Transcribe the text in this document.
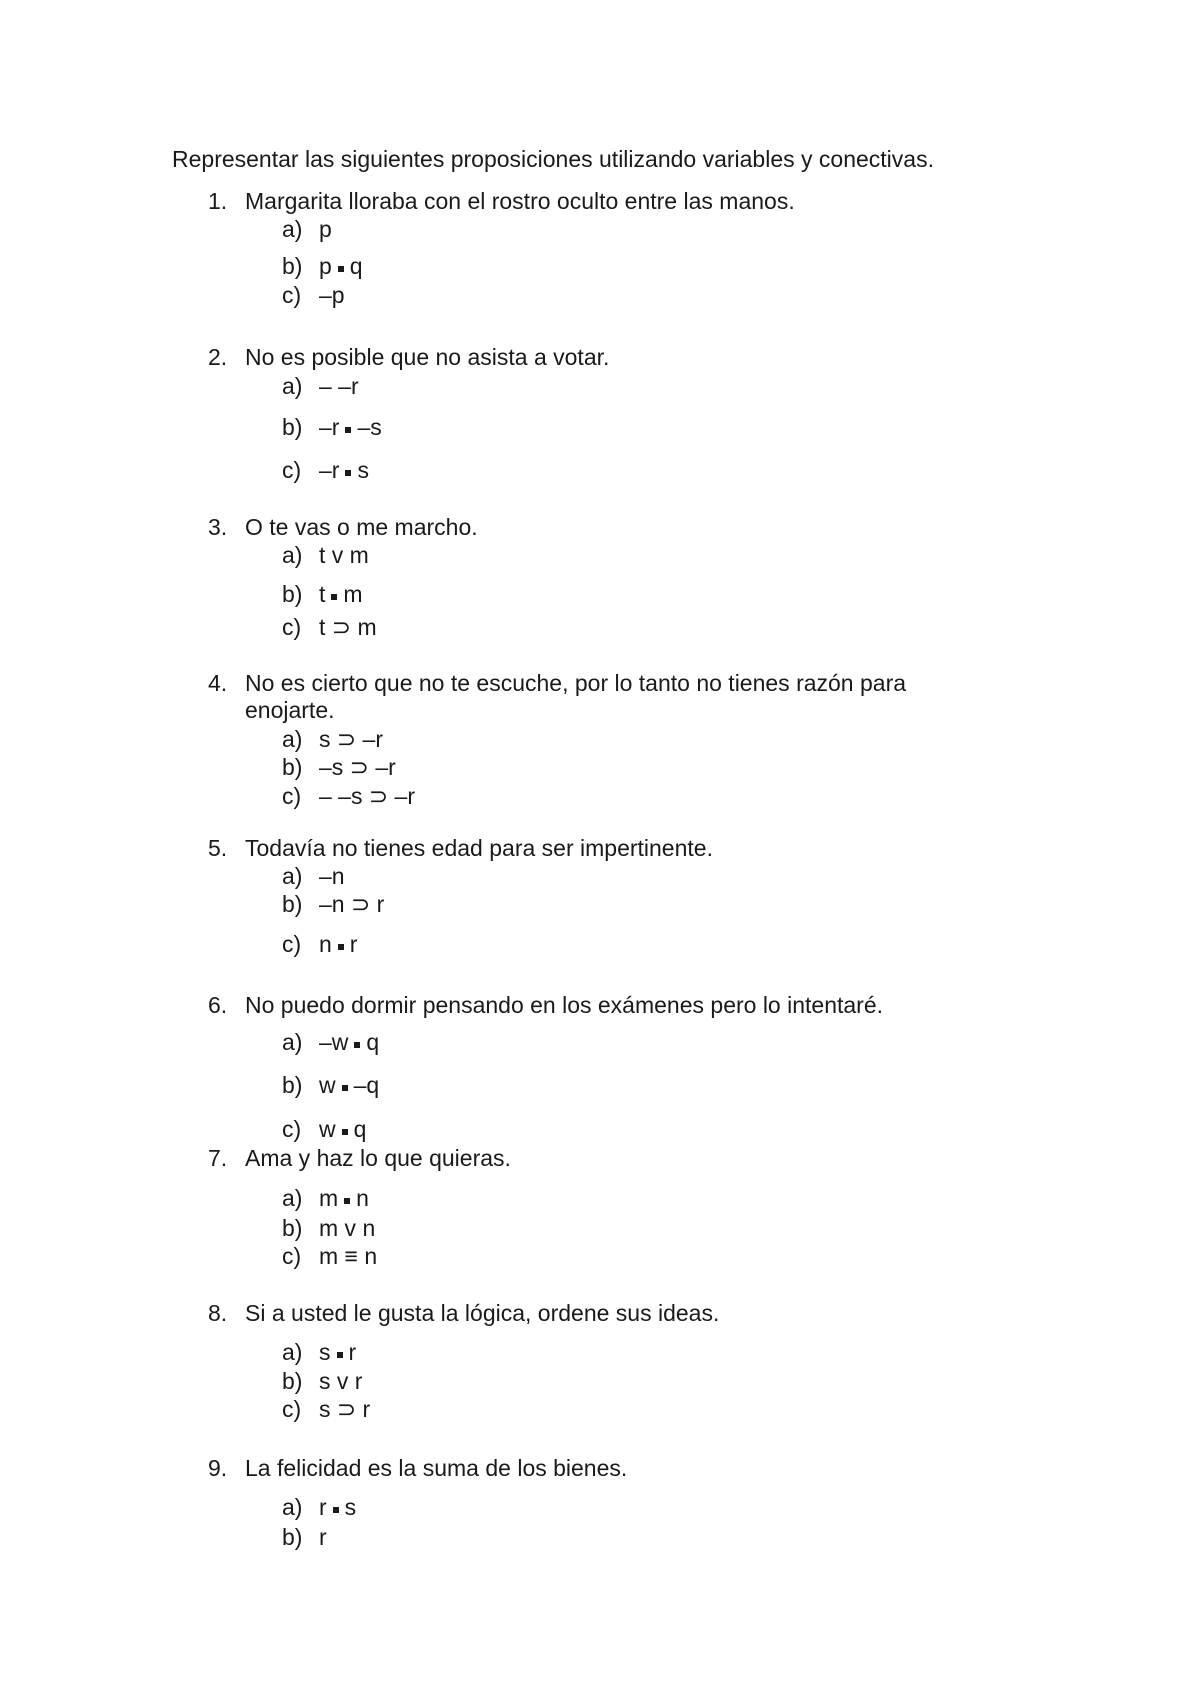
Representar las siguientes proposiciones utilizando variables y conectivas.
1. Margarita lloraba con el rostro oculto entre las manos.
a) p
b) p q
c) –p
2. No es posible que no asista a votar.
a) – –r
b) –r –s
c) –r s
3. O te vas o me marcho.
a) t v m
b) t m
c) t ⊃ m
4. No es cierto que no te escuche, por lo tanto no tienes razón para enojarte.
a) s ⊃ –r
b) –s ⊃ –r
c) – –s ⊃ –r
5. Todavía no tienes edad para ser impertinente.
a) –n
b) –n ⊃ r
c) n r
6. No puedo dormir pensando en los exámenes pero lo intentaré.
a) –w q
b) w –q
c) w q
7. Ama y haz lo que quieras.
a) m n
b) m v n
c) m ≡ n
8. Si a usted le gusta la lógica, ordene sus ideas.
a) s r
b) s v r
c) s ⊃ r
9. La felicidad es la suma de los bienes.
a) r s
b) r
